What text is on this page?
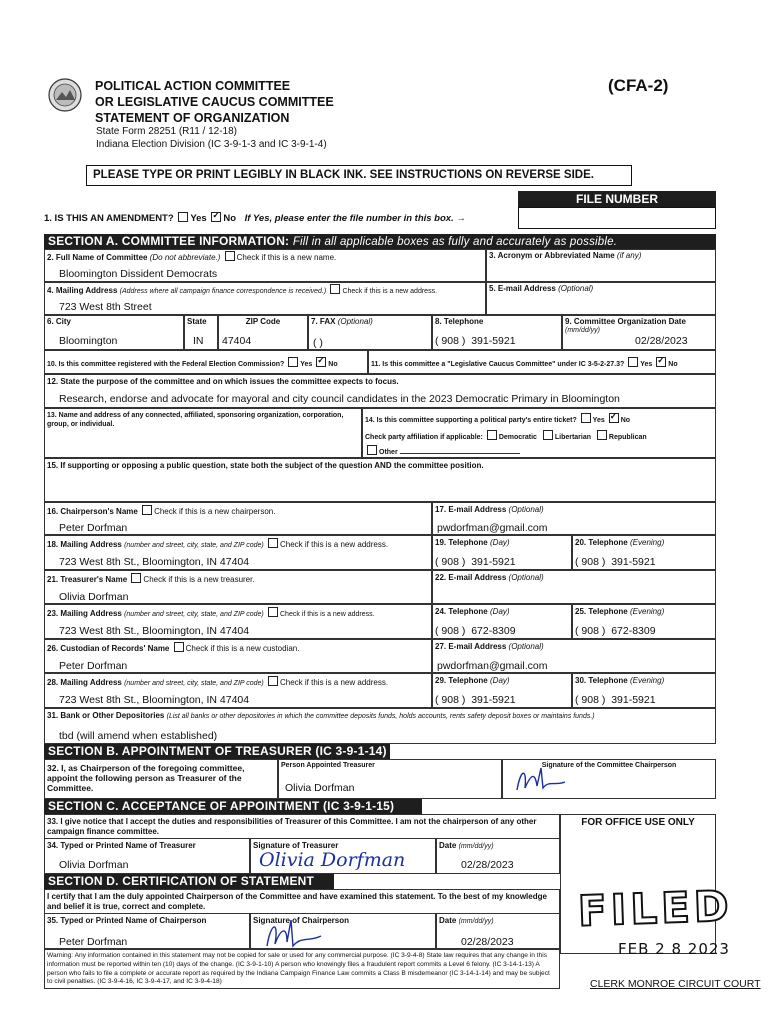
POLITICAL ACTION COMMITTEE
OR LEGISLATIVE CAUCUS COMMITTEE
STATEMENT OF ORGANIZATION
(CFA-2)
State Form 28251 (R11 / 12-18)
Indiana Election Division (IC 3-9-1-3 and IC 3-9-1-4)
PLEASE TYPE OR PRINT LEGIBLY IN BLACK INK. SEE INSTRUCTIONS ON REVERSE SIDE.
FILE NUMBER
1. IS THIS AN AMENDMENT? Yes ✓ No If Yes, please enter the file number in this box. →
SECTION A. COMMITTEE INFORMATION: Fill in all applicable boxes as fully and accurately as possible.
2. Full Name of Committee (Do not abbreviate.) Check if this is a new name.
Bloomington Dissident Democrats
3. Acronym or Abbreviated Name (if any)
4. Mailing Address (Address where all campaign finance correspondence is received.) Check if this is a new address.
723 West 8th Street
5. E-mail Address (Optional)
6. City
Bloomington
State
IN
ZIP Code
47404
7. FAX (Optional)
( )
8. Telephone
( 908 )  391-5921
9. Committee Organization Date
(mm/dd/yy)
02/28/2023
10. Is this committee registered with the Federal Election Commission? Yes ✓ No	11. Is this committee a "Legislative Caucus Committee" under IC 3-5-2-27.3? Yes ✓ No
12. State the purpose of the committee and on which issues the committee expects to focus.
Research, endorse and advocate for mayoral and city council candidates in the 2023 Democratic Primary in Bloomington
13. Name and address of any connected, affiliated, sponsoring organization, corporation, group, or individual.
14. Is this committee supporting a political party's entire ticket? Yes ✓ No
Check party affiliation if applicable: Democratic	Libertarian	Republican
Other
15. If supporting or opposing a public question, state both the subject of the question AND the committee position.
16. Chairperson's Name Check if this is a new chairperson.
Peter Dorfman
17. E-mail Address (Optional)
pwdorfman@gmail.com
18. Mailing Address (number and street, city, state, and ZIP code) Check if this is a new address.
723 West 8th St., Bloomington, IN 47404
19. Telephone (Day)
( 908 )  391-5921
20. Telephone (Evening)
( 908 )  391-5921
21. Treasurer's Name Check if this is a new treasurer.
Olivia Dorfman
22. E-mail Address (Optional)
23. Mailing Address (number and street, city, state, and ZIP code) Check if this is a new address.
723 West 8th St., Bloomington, IN 47404
24. Telephone (Day)
( 908 )  672-8309
25. Telephone (Evening)
( 908 )  672-8309
26. Custodian of Records' Name Check if this is a new custodian.
Peter Dorfman
27. E-mail Address (Optional)
pwdorfman@gmail.com
28. Mailing Address (number and street, city, state, and ZIP code) Check if this is a new address.
723 West 8th St., Bloomington, IN 47404
29. Telephone (Day)
( 908 )  391-5921
30. Telephone (Evening)
( 908 )  391-5921
31. Bank or Other Depositories (List all banks or other depositories in which the committee deposits funds, holds accounts, rents safety deposit boxes or maintains funds.)
tbd (will amend when established)
SECTION B. APPOINTMENT OF TREASURER (IC 3-9-1-14)
32. I, as Chairperson of the foregoing committee, appoint the following person as Treasurer of the Committee.
Person Appointed Treasurer
Olivia Dorfman
Signature of the Committee Chairperson
SECTION C. ACCEPTANCE OF APPOINTMENT (IC 3-9-1-15)
33. I give notice that I accept the duties and responsibilities of Treasurer of this Committee. I am not the chairperson of any other campaign finance committee.
FOR OFFICE USE ONLY
34. Typed or Printed Name of Treasurer
Olivia Dorfman
Signature of Treasurer
Olivia Dorfman
Date (mm/dd/yy)
02/28/2023
SECTION D. CERTIFICATION OF STATEMENT
I certify that I am the duly appointed Chairperson of the Committee and have examined this statement. To the best of my knowledge and belief it is true, correct and complete.
35. Typed or Printed Name of Chairperson
Peter Dorfman
Signature of Chairperson	Date (mm/dd/yy)
02/28/2023
Warning: Any information contained in this statement may not be copied for sale or used for any commercial purpose. (IC 3-9-4-8) State law requires that any change in this information must be reported within ten (10) days of the change. (IC 3-9-1-10) A person who knowingly files a fraudulent report commits a Level 6 felony. (IC 3-14-1-13) A person who fails to file a complete or accurate report as required by the Indiana Campaign Finance Law commits a Class B misdemeanor (IC 3-14-1-14) and may be subject to civil penalties. (IC 3-9-4-16, IC 3-9-4-17, and IC 3-9-4-18)
FILED
FEB 2 8 2023
CLERK MONROE CIRCUIT COURT
